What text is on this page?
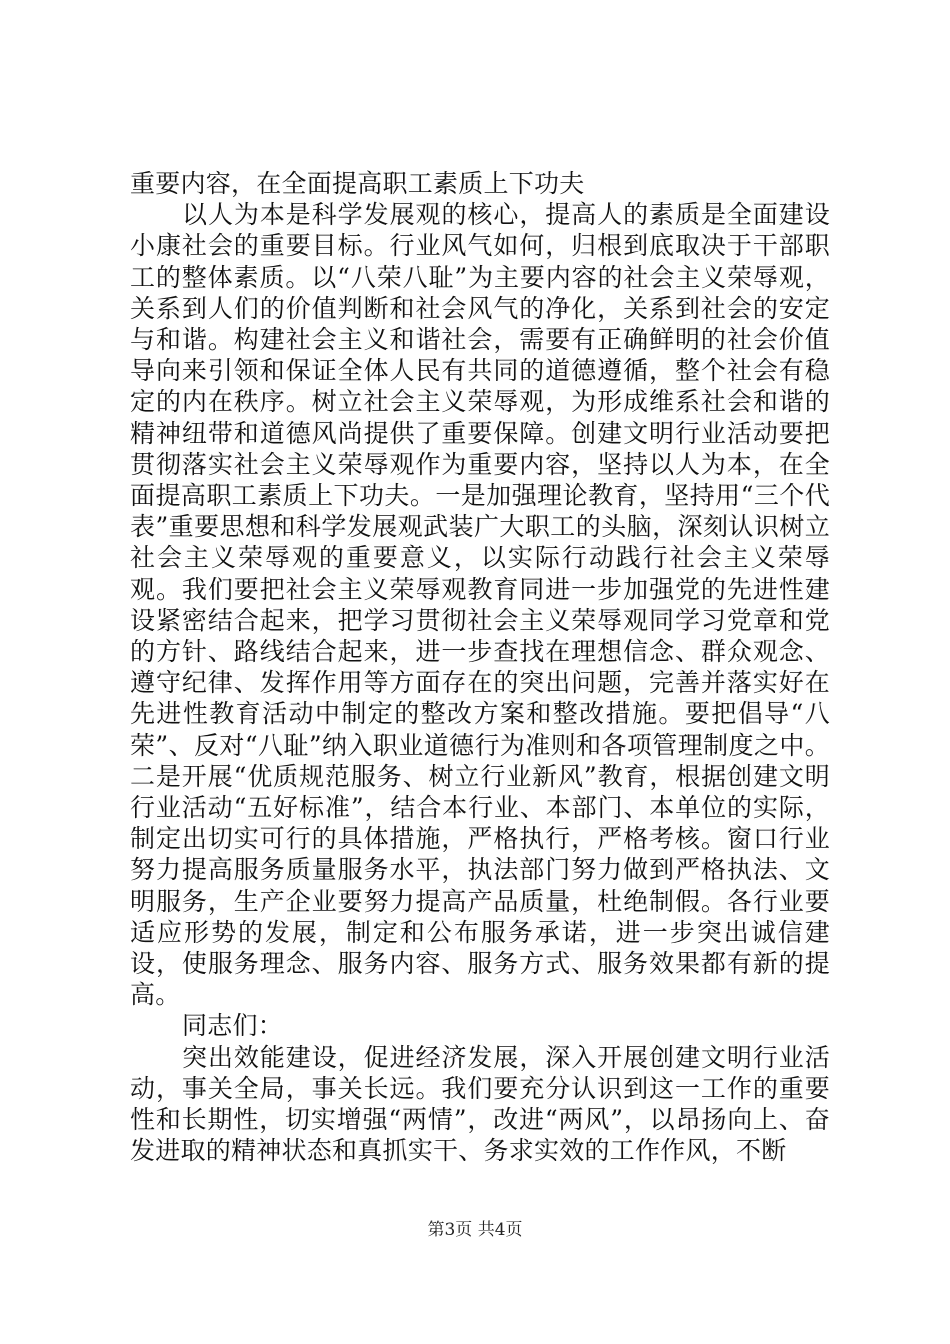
重要内容，在全面提高职工素质上下功夫

以人为本是科学发展观的核心，提高人的素质是全面建设小康社会的重要目标。行业风气如何，归根到底取决于干部职工的整体素质。以“八荣八耻”为主要内容的社会主义荣辱观，关系到人们的价值判断和社会风气的净化，关系到社会的安定与和谐。构建社会主义和谐社会，需要有正确鲜明的社会价值导向来引领和保证全体人民有共同的道德遵循，整个社会有稳定的内在秩序。树立社会主义荣辱观，为形成维系社会和谐的精神纽带和道德风尚提供了重要保障。创建文明行业活动要把贯彻落实社会主义荣辱观作为重要内容，坚持以人为本，在全面提高职工素质上下功夫。一是加强理论教育，坚持用“三个代表”重要思想和科学发展观武装广大职工的头脑，深刻认识树立社会主义荣辱观的重要意义，以实际行动践行社会主义荣辱观。我们要把社会主义荣辱观教育同进一步加强党的先进性建设紧密结合起来，把学习贯彻社会主义荣辱观同学习党章和党的方针、路线结合起来，进一步查找在理想信念、群众观念、遵守纪律、发挥作用等方面存在的突出问题，完善并落实好在先进性教育活动中制定的整改方案和整改措施。要把倡导“八荣”、反对“八耻”纳入职业道德行为准则和各项管理制度之中。二是开展“优质规范服务、树立行业新风”教育，根据创建文明行业活动“五好标准”，结合本行业、本部门、本单位的实际，制定出切实可行的具体措施，严格执行，严格考核。窗口行业努力提高服务质量服务水平，执法部门努力做到严格执法、文明服务，生产企业要努力提高产品质量，杜绝制假。各行业要适应形势的发展，制定和公布服务承诺，进一步突出诚信建设，使服务理念、服务内容、服务方式、服务效果都有新的提高。

同志们：

突出效能建设，促进经济发展，深入开展创建文明行业活动，事关全局，事关长远。我们要充分认识到这一工作的重要性和长期性，切实增强“两情”，改进“两风”，以昂扬向上、奋发进取的精神状态和真抓实干、务求实效的工作作风，不断

第3页 共4页
